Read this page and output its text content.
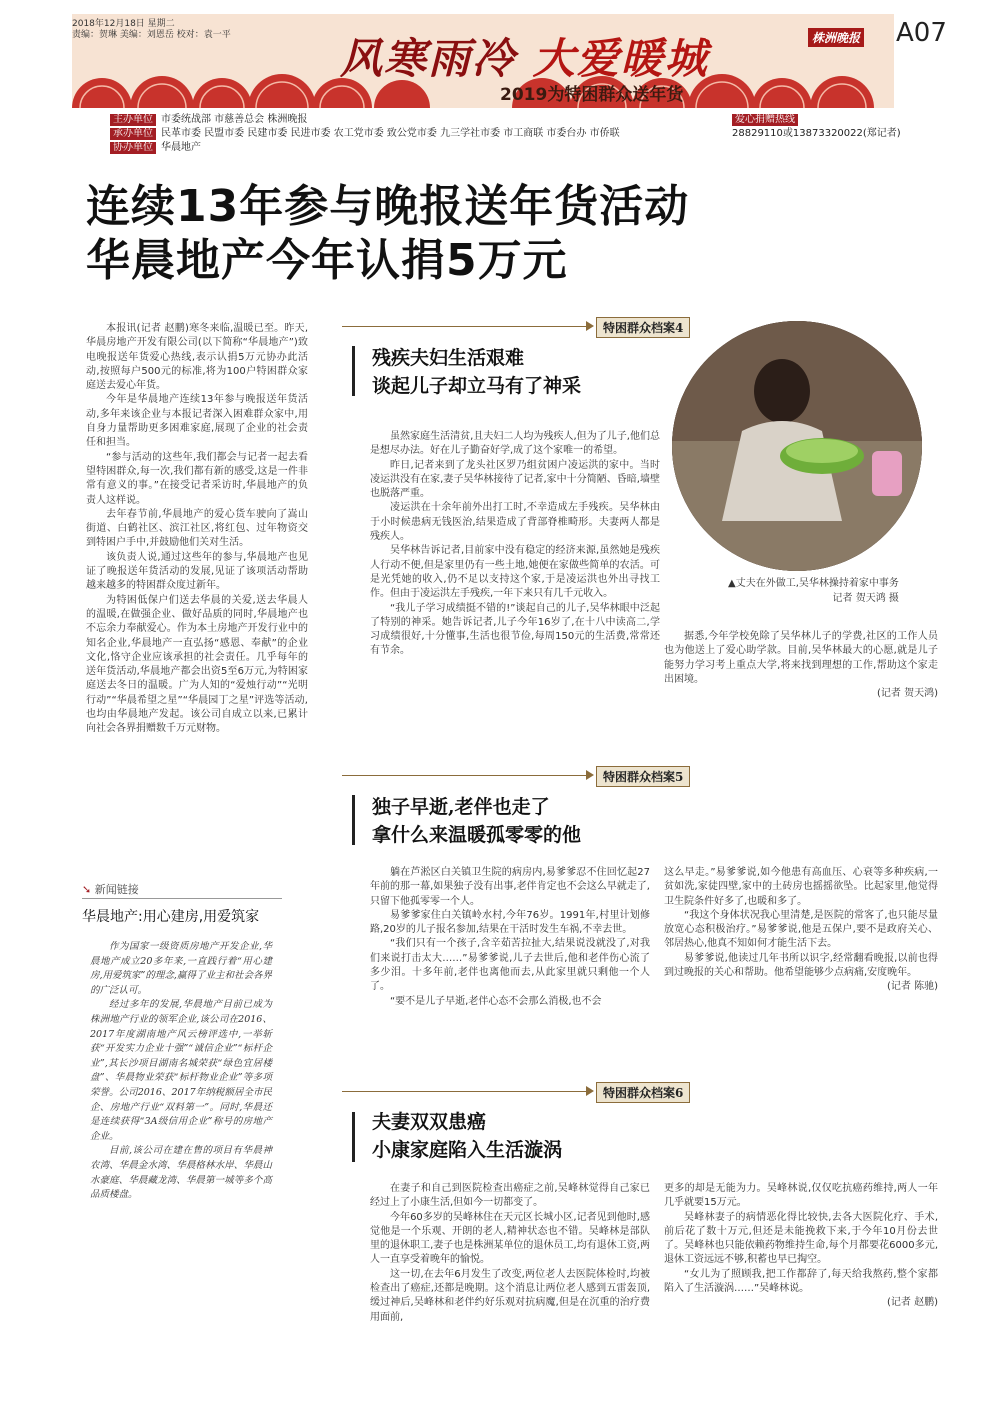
2018年12月18日 星期二
责编：贺琳 美编：刘恩岳 校对：袁一平	风寒雨冷 大爱暖城
2019为特困群众送年货
株洲晚报 A07
主办单位 市委统战部 市慈善总会 株洲晚报
承办单位 民革市委 民盟市委 民建市委 民进市委 农工党市委 致公党市委 九三学社市委 市工商联 市委台办 市侨联
协办单位 华晨地产
爱心捐赠热线
28829110或13873320022(郑记者)
连续13年参与晚报送年货活动
华晨地产今年认捐5万元

本报讯(记者 赵鹏)寒冬来临,温暖已至。昨天,华晨房地产开发有限公司(以下简称“华晨地产”)致电晚报送年货爱心热线,表示认捐5万元协办此活动,按照每户500元的标准,将为100户特困群众家庭送去爱心年货。

今年是华晨地产连续13年参与晚报送年货活动,多年来该企业与本报记者深入困难群众家中,用自身力量帮助更多困难家庭,展现了企业的社会责任和担当。

“参与活动的这些年,我们都会与记者一起去看望特困群众,每一次,我们都有新的感受,这是一件非常有意义的事。”在接受记者采访时,华晨地产的负责人这样说。

去年春节前,华晨地产的爱心货车驶向了嵩山街道、白鹤社区、滨江社区,将红包、过年物资交到特困户手中,并鼓励他们关对生活。

该负责人说,通过这些年的参与,华晨地产也见证了晚报送年货活动的发展,见证了该项活动帮助越来越多的特困群众度过新年。

为特困低保户们送去华晨的关爱,送去华晨人的温暖,在做强企业、做好品质的同时,华晨地产也不忘余力奉献爱心。作为本土房地产开发行业中的知名企业,华晨地产一直弘扬“感恩、奉献”的企业文化,恪守企业应该承担的社会责任。几乎每年的送年货活动,华晨地产都会出资5至6万元,为特困家庭送去冬日的温暖。广为人知的“爱烛行动”“光明行动”“华晨希望之星”“华晨园丁之星”评选等活动,也均由华晨地产发起。该公司自成立以来,已累计向社会各界捐赠数千万元财物。

➘ 新闻链接
华晨地产:用心建房,用爱筑家

作为国家一级资质房地产开发企业,华晨地产成立20多年来,一直践行着“用心建房,用爱筑家”的理念,赢得了业主和社会各界的广泛认可。

经过多年的发展,华晨地产目前已成为株洲地产行业的领军企业,该公司在2016、2017年度湖南地产风云榜评选中,一举斩获“开发实力企业十强”“诚信企业”“标杆企业”,其长沙项目湖南名城荣获“绿色宜居楼盘”、华晨物业荣获“标杆物业企业”等多项荣誉。公司2016、2017年纳税额居全市民企、房地产行业“双料第一”。同时,华晨还是连续获得“3A级信用企业”称号的房地产企业。

目前,该公司在建在售的项目有华晨神农湾、华晨金水湾、华晨格林水岸、华晨山水豪庭、华晨藏龙湾、华晨第一城等多个高品质楼盘。

特困群众档案4
残疾夫妇生活艰难
谈起儿子却立马有了神采

虽然家庭生活清贫,且夫妇二人均为残疾人,但为了儿子,他们总是想尽办法。好在儿子勤奋好学,成了这个家唯一的希望。

昨日,记者来到了龙头社区罗乃组贫困户凌运洪的家中。当时凌运洪没有在家,妻子吴华林接待了记者,家中十分简陋、昏暗,墙壁也脱落严重。

凌运洪在十余年前外出打工时,不幸造成左手残疾。吴华林由于小时候患病无钱医治,结果造成了背部脊椎畸形。夫妻两人都是残疾人。

吴华林告诉记者,目前家中没有稳定的经济来源,虽然她是残疾人行动不便,但是家里仍有一些土地,她便在家做些简单的农活。可是光凭她的收入,仍不足以支持这个家,于是凌运洪也外出寻找工作。但由于凌运洪左手残疾,一年下来只有几千元收入。

“我儿子学习成绩挺不错的!”谈起自己的儿子,吴华林眼中泛起了特别的神采。她告诉记者,儿子今年16岁了,在十八中读高二,学习成绩很好,十分懂事,生活也很节俭,每周150元的生活费,常常还有节余。

▲丈夫在外做工,吴华林操持着家中事务
记者 贺天鸿 摄

据悉,今年学校免除了吴华林儿子的学费,社区的工作人员也为他送上了爱心助学款。目前,吴华林最大的心愿,就是儿子能努力学习考上重点大学,将来找到理想的工作,帮助这个家走出困境。

(记者 贺天鸿)
特困群众档案5
独子早逝,老伴也走了
拿什么来温暖孤零零的他

躺在芦淞区白关镇卫生院的病房内,易爹爹忍不住回忆起27年前的那一幕,如果独子没有出事,老伴肯定也不会这么早就走了,只留下他孤零零一个人。

易爹爹家住白关镇岭水村,今年76岁。1991年,村里计划修路,20岁的儿子报名参加,结果在干活时发生车祸,不幸去世。

“我们只有一个孩子,含辛茹苦拉扯大,结果说没就没了,对我们来说打击太大……”易爹爹说,儿子去世后,他和老伴伤心流了多少泪。十多年前,老伴也离他而去,从此家里就只剩他一个人了。

“要不是儿子早逝,老伴心态不会那么消极,也不会

这么早走。”易爹爹说,如今他患有高血压、心衰等多种疾病,一贫如洗,家徒四壁,家中的土砖房也摇摇欲坠。比起家里,他觉得卫生院条件好多了,也暖和多了。

“我这个身体状况我心里清楚,是医院的常客了,也只能尽量放宽心态积极治疗。”易爹爹说,他是五保户,要不是政府关心、邻居热心,他真不知如何才能生活下去。

易爹爹说,他读过几年书所以识字,经常翻看晚报,以前也得到过晚报的关心和帮助。他希望能够少点病痛,安度晚年。

(记者 陈驰)
特困群众档案6
夫妻双双患癌
小康家庭陷入生活漩涡

在妻子和自己到医院检查出癌症之前,吴峰林觉得自己家已经过上了小康生活,但如今一切都变了。

今年60多岁的吴峰林住在天元区长城小区,记者见到他时,感觉他是一个乐观、开朗的老人,精神状态也不错。吴峰林是部队里的退休职工,妻子也是株洲某单位的退休员工,均有退休工资,两人一直享受着晚年的愉悦。

这一切,在去年6月发生了改变,两位老人去医院体检时,均被检查出了癌症,还都是晚期。这个消息让两位老人感到五雷轰顶,缓过神后,吴峰林和老伴约好乐观对抗病魔,但是在沉重的治疗费用面前,

更多的却是无能为力。吴峰林说,仅仅吃抗癌药维持,两人一年几乎就要15万元。

吴峰林妻子的病情恶化得比较快,去各大医院化疗、手术,前后花了数十万元,但还是未能挽救下来,于今年10月份去世了。吴峰林也只能依赖药物维持生命,每个月都要花6000多元,退休工资远远不够,积蓄也早已掏空。

“女儿为了照顾我,把工作都辞了,每天给我熬药,整个家都陷入了生活漩涡……”吴峰林说。

(记者 赵鹏)
